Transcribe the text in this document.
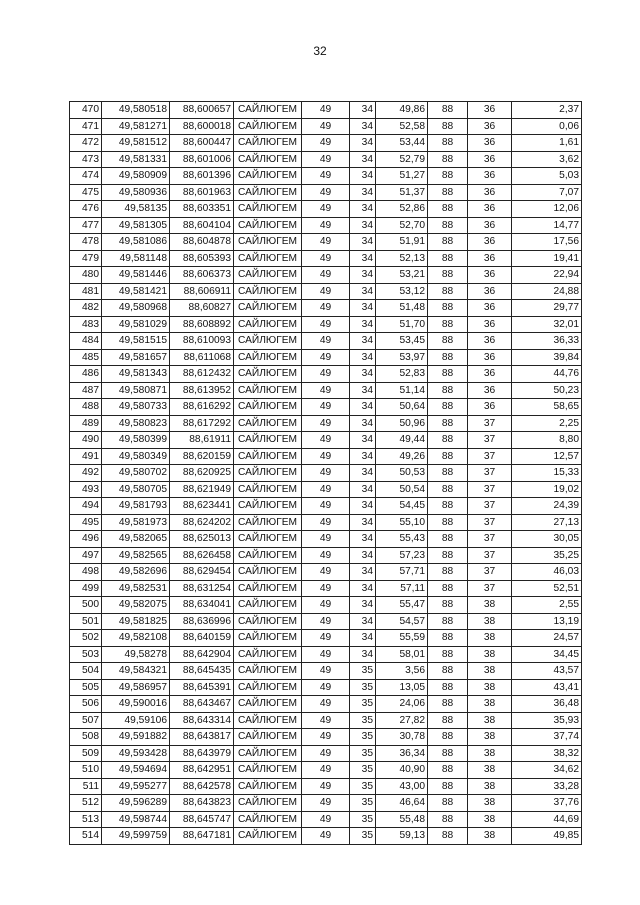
32
470	49,580518	88,600657	САЙЛЮГЕМ	49	34	49,86	88	36	2,37
471	49,581271	88,600018	САЙЛЮГЕМ	49	34	52,58	88	36	0,06
472	49,581512	88,600447	САЙЛЮГЕМ	49	34	53,44	88	36	1,61
473	49,581331	88,601006	САЙЛЮГЕМ	49	34	52,79	88	36	3,62
474	49,580909	88,601396	САЙЛЮГЕМ	49	34	51,27	88	36	5,03
475	49,580936	88,601963	САЙЛЮГЕМ	49	34	51,37	88	36	7,07
476	49,58135	88,603351	САЙЛЮГЕМ	49	34	52,86	88	36	12,06
477	49,581305	88,604104	САЙЛЮГЕМ	49	34	52,70	88	36	14,77
478	49,581086	88,604878	САЙЛЮГЕМ	49	34	51,91	88	36	17,56
479	49,581148	88,605393	САЙЛЮГЕМ	49	34	52,13	88	36	19,41
480	49,581446	88,606373	САЙЛЮГЕМ	49	34	53,21	88	36	22,94
481	49,581421	88,606911	САЙЛЮГЕМ	49	34	53,12	88	36	24,88
482	49,580968	88,60827	САЙЛЮГЕМ	49	34	51,48	88	36	29,77
483	49,581029	88,608892	САЙЛЮГЕМ	49	34	51,70	88	36	32,01
484	49,581515	88,610093	САЙЛЮГЕМ	49	34	53,45	88	36	36,33
485	49,581657	88,611068	САЙЛЮГЕМ	49	34	53,97	88	36	39,84
486	49,581343	88,612432	САЙЛЮГЕМ	49	34	52,83	88	36	44,76
487	49,580871	88,613952	САЙЛЮГЕМ	49	34	51,14	88	36	50,23
488	49,580733	88,616292	САЙЛЮГЕМ	49	34	50,64	88	36	58,65
489	49,580823	88,617292	САЙЛЮГЕМ	49	34	50,96	88	37	2,25
490	49,580399	88,61911	САЙЛЮГЕМ	49	34	49,44	88	37	8,80
491	49,580349	88,620159	САЙЛЮГЕМ	49	34	49,26	88	37	12,57
492	49,580702	88,620925	САЙЛЮГЕМ	49	34	50,53	88	37	15,33
493	49,580705	88,621949	САЙЛЮГЕМ	49	34	50,54	88	37	19,02
494	49,581793	88,623441	САЙЛЮГЕМ	49	34	54,45	88	37	24,39
495	49,581973	88,624202	САЙЛЮГЕМ	49	34	55,10	88	37	27,13
496	49,582065	88,625013	САЙЛЮГЕМ	49	34	55,43	88	37	30,05
497	49,582565	88,626458	САЙЛЮГЕМ	49	34	57,23	88	37	35,25
498	49,582696	88,629454	САЙЛЮГЕМ	49	34	57,71	88	37	46,03
499	49,582531	88,631254	САЙЛЮГЕМ	49	34	57,11	88	37	52,51
500	49,582075	88,634041	САЙЛЮГЕМ	49	34	55,47	88	38	2,55
501	49,581825	88,636996	САЙЛЮГЕМ	49	34	54,57	88	38	13,19
502	49,582108	88,640159	САЙЛЮГЕМ	49	34	55,59	88	38	24,57
503	49,58278	88,642904	САЙЛЮГЕМ	49	34	58,01	88	38	34,45
504	49,584321	88,645435	САЙЛЮГЕМ	49	35	3,56	88	38	43,57
505	49,586957	88,645391	САЙЛЮГЕМ	49	35	13,05	88	38	43,41
506	49,590016	88,643467	САЙЛЮГЕМ	49	35	24,06	88	38	36,48
507	49,59106	88,643314	САЙЛЮГЕМ	49	35	27,82	88	38	35,93
508	49,591882	88,643817	САЙЛЮГЕМ	49	35	30,78	88	38	37,74
509	49,593428	88,643979	САЙЛЮГЕМ	49	35	36,34	88	38	38,32
510	49,594694	88,642951	САЙЛЮГЕМ	49	35	40,90	88	38	34,62
511	49,595277	88,642578	САЙЛЮГЕМ	49	35	43,00	88	38	33,28
512	49,596289	88,643823	САЙЛЮГЕМ	49	35	46,64	88	38	37,76
513	49,598744	88,645747	САЙЛЮГЕМ	49	35	55,48	88	38	44,69
514	49,599759	88,647181	САЙЛЮГЕМ	49	35	59,13	88	38	49,85
